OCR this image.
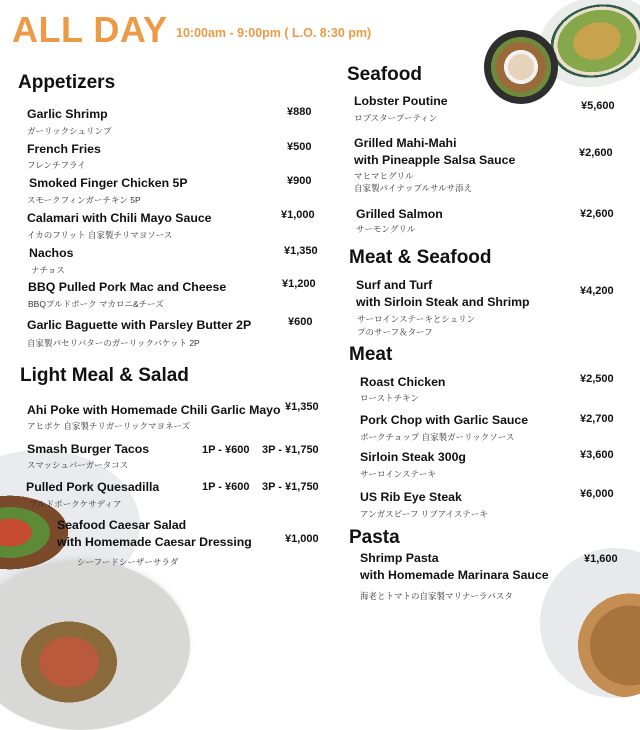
ALL DAY 10:00am - 9:00pm ( L.O. 8:30 pm)
Appetizers
Garlic Shrimp
ガーリックシュリンプ
¥880
French Fries
フレンチフライ
¥500
Smoked Finger Chicken 5P
スモークフィンガーチキン 5P
¥900
Calamari with Chili Mayo Sauce
イカのフリット 自家製チリマヨソース
¥1,000
Nachos
ナチョス
¥1,350
BBQ Pulled Pork Mac and Cheese
BBQプルドポーク マカロニ&チーズ
¥1,200
Garlic Baguette with Parsley Butter 2P
自家製パセリバターのガーリックバケット 2P
¥600
Light Meal & Salad
Ahi Poke with Homemade Chili Garlic Mayo
アヒポケ 自家製チリガーリックマヨネーズ
¥1,350
Smash Burger Tacos
スマッシュバーガータコス
1P - ¥600 3P - ¥1,750
Pulled Pork Quesadilla
プルドポークケサディア
1P - ¥600 3P - ¥1,750
Seafood Caesar Salad
with Homemade Caesar Dressing
シーフードシーザーサラダ
¥1,000
Seafood
Lobster Poutine
ロブスタープーティン
¥5,600
Grilled Mahi-Mahi
with Pineapple Salsa Sauce
マヒマヒグリル
自家製パイナップルサルサ添え
¥2,600
Grilled Salmon
サーモングリル
¥2,600
Meat & Seafood
Surf and Turf
with Sirloin Steak and Shrimp
サーロインステーキとシュリン
プのサーフ＆ターフ
¥4,200
Meat
Roast Chicken
ローストチキン
¥2,500
Pork Chop with Garlic Sauce
ポークチョップ 自家製ガーリックソース
¥2,700
Sirloin Steak 300g
サーロインステーキ
¥3,600
US Rib Eye Steak
アンガスビーフ リブアイステーキ
¥6,000
Pasta
Shrimp Pasta
with Homemade Marinara Sauce
海老とトマトの自家製マリナーラパスタ
¥1,600
